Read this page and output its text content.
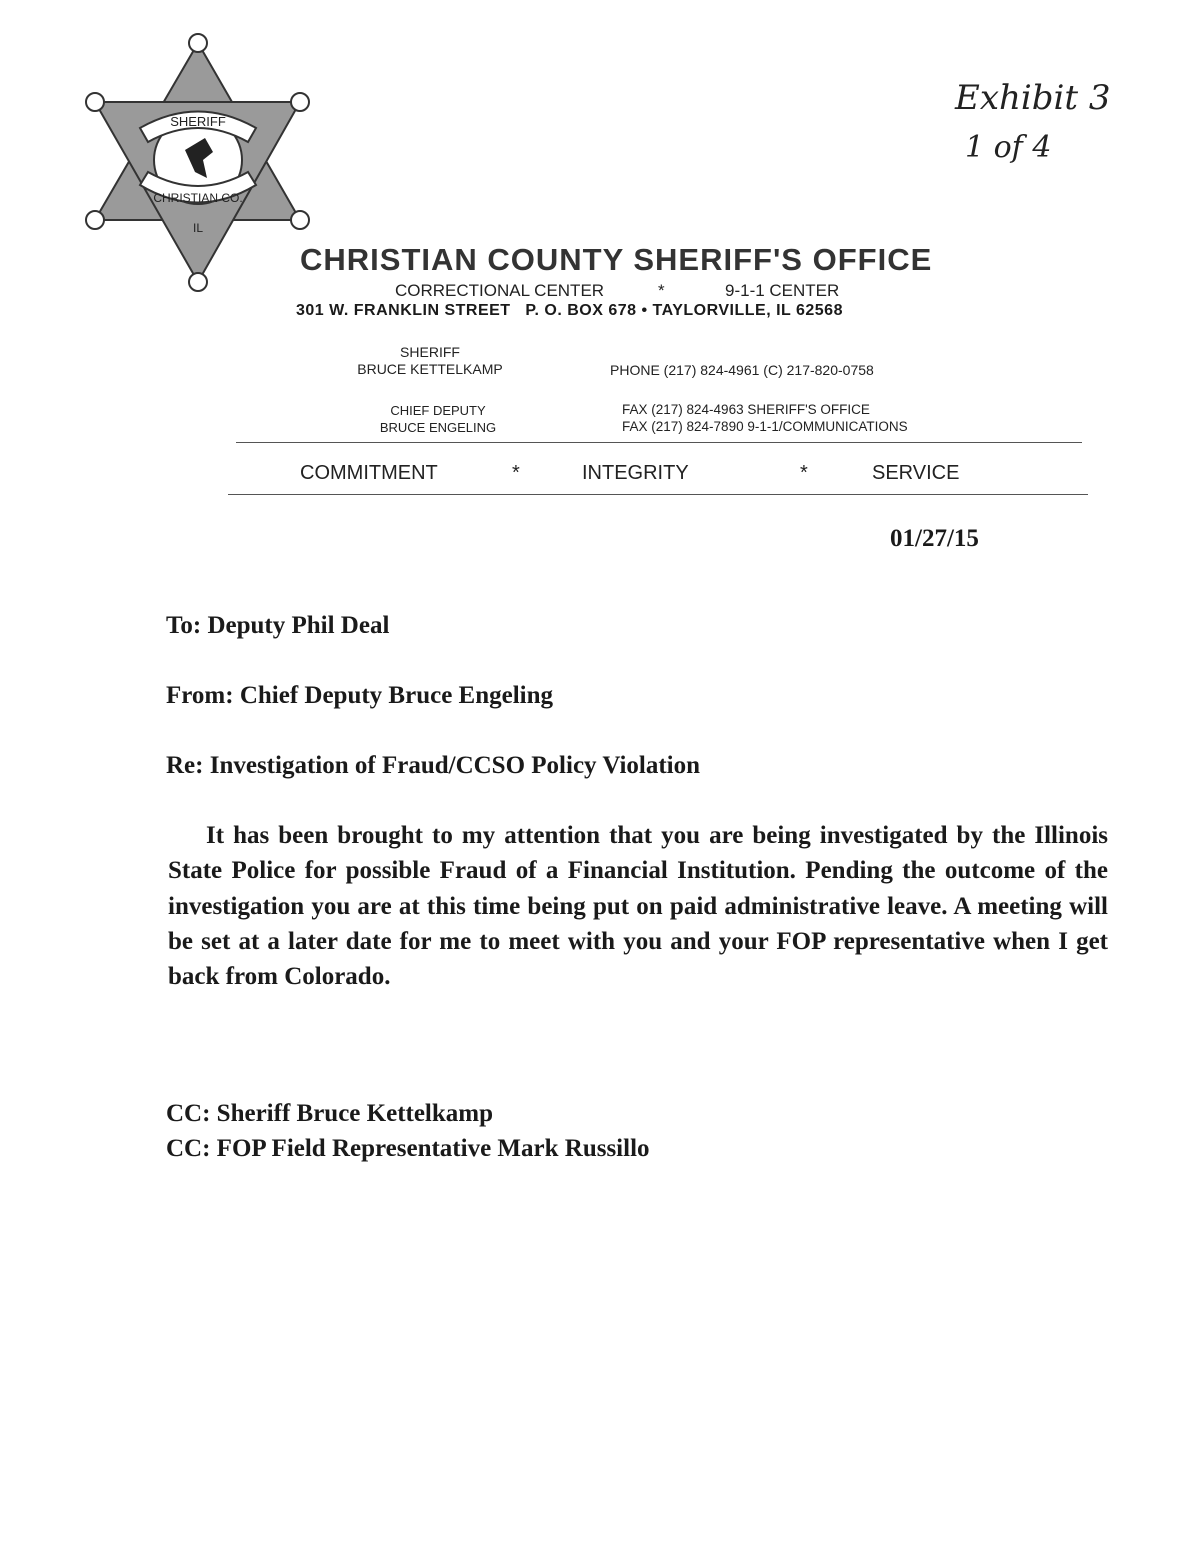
SHERIFF
CHRISTIAN CO.
IL
Exhibit 3
1 of 4
CHRISTIAN COUNTY SHERIFF'S OFFICE
CORRECTIONAL CENTER	*	9-1-1 CENTER
301 W. FRANKLIN STREET   P. O. BOX 678 • TAYLORVILLE, IL 62568
SHERIFF
BRUCE KETTELKAMP	PHONE (217) 824-4961 (C) 217-820-0758
CHIEF DEPUTY
BRUCE ENGELING
FAX (217) 824-4963 SHERIFF'S OFFICE
FAX (217) 824-7890 9-1-1/COMMUNICATIONS
COMMITMENT	*	INTEGRITY	*	SERVICE
01/27/15
To: Deputy Phil Deal
From: Chief Deputy Bruce Engeling
Re: Investigation of Fraud/CCSO Policy Violation

It has been brought to my attention that you are being investigated by the Illinois State Police for possible Fraud of a Financial Institution. Pending the outcome of the investigation you are at this time being put on paid administrative leave. A meeting will be set at a later date for me to meet with you and your FOP representative when I get back from Colorado.

CC: Sheriff Bruce Kettelkamp
CC: FOP Field Representative Mark Russillo
